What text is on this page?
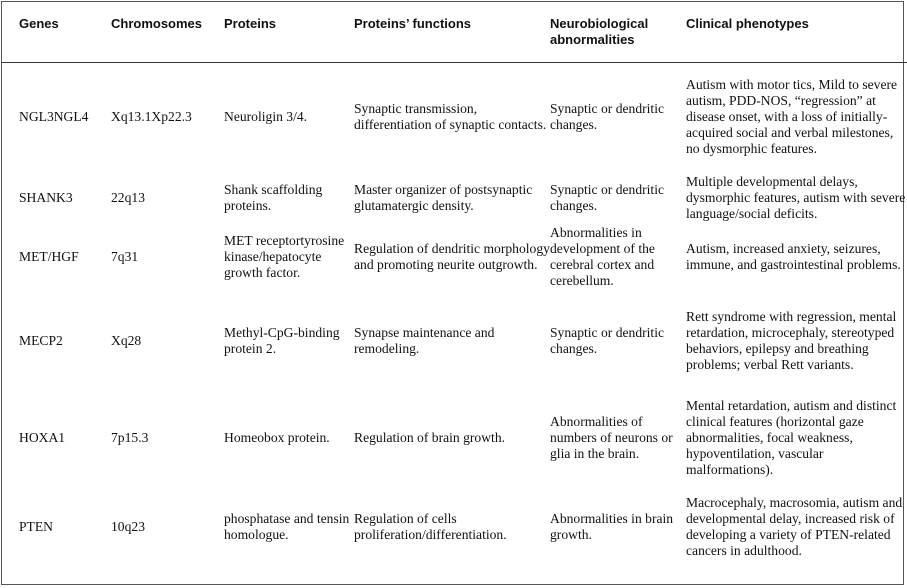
Genes	Chromosomes	Proteins	Proteins’ functions	Neurobiological abnormalities	Clinical phenotypes
NGL3NGL4	Xq13.1Xp22.3	Neuroligin 3/4.	Synaptic transmission, differentiation of synaptic contacts.	Synaptic or dendritic changes.	Autism with motor tics, Mild to severe autism, PDD-NOS, “regression” at disease onset, with a loss of initially-acquired social and verbal milestones, no dysmorphic features.
SHANK3	22q13	Shank scaffolding proteins.	Master organizer of postsynaptic glutamatergic density.	Synaptic or dendritic changes.	Multiple developmental delays, dysmorphic features, autism with severe language/social deficits.
MET/HGF	7q31	MET receptortyrosine kinase/hepatocyte growth factor.	Regulation of dendritic morphology and promoting neurite outgrowth.	Abnormalities in development of the cerebral cortex and cerebellum.	Autism, increased anxiety, seizures, immune, and gastrointestinal problems.
MECP2	Xq28	Methyl-CpG-binding protein 2.	Synapse maintenance and remodeling.	Synaptic or dendritic changes.	Rett syndrome with regression, mental retardation, microcephaly, stereotyped behaviors, epilepsy and breathing problems; verbal Rett variants.
HOXA1	7p15.3	Homeobox protein.	Regulation of brain growth.	Abnormalities of numbers of neurons or glia in the brain.	Mental retardation, autism and distinct clinical features (horizontal gaze abnormalities, focal weakness, hypoventilation, vascular malformations).
PTEN	10q23	phosphatase and tensin homologue.	Regulation of cells proliferation/differentiation.	Abnormalities in brain growth.	Macrocephaly, macrosomia, autism and developmental delay, increased risk of developing a variety of PTEN-related cancers in adulthood.
